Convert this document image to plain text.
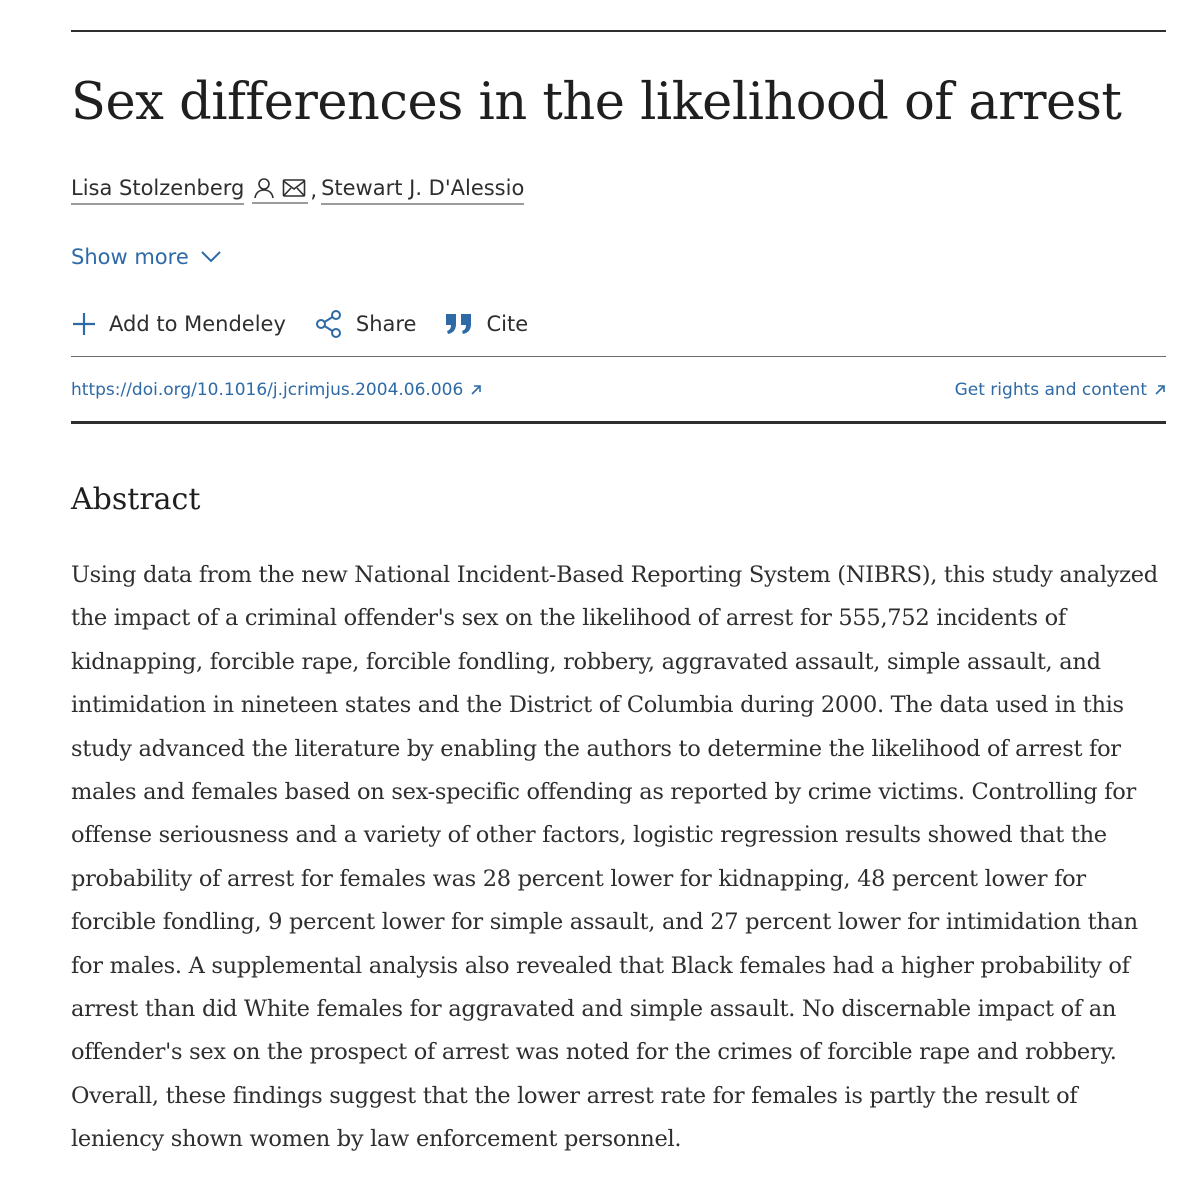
Sex differences in the likelihood of arrest
Lisa Stolzenberg	, Stewart J. D'Alessio
Show more
Add to Mendeley	Share	Cite
https://doi.org/10.1016/j.jcrimjus.2004.06.006	Get rights and content
Abstract

Using data from the new National Incident-Based Reporting System (NIBRS), this study analyzed the impact of a criminal offender's sex on the likelihood of arrest for 555,752 incidents of kidnapping, forcible rape, forcible fondling, robbery, aggravated assault, simple assault, and intimidation in nineteen states and the District of Columbia during 2000. The data used in this study advanced the literature by enabling the authors to determine the likelihood of arrest for males and females based on sex-specific offending as reported by crime victims. Controlling for offense seriousness and a variety of other factors, logistic regression results showed that the probability of arrest for females was 28 percent lower for kidnapping, 48 percent lower for forcible fondling, 9 percent lower for simple assault, and 27 percent lower for intimidation than for males. A supplemental analysis also revealed that Black females had a higher probability of arrest than did White females for aggravated and simple assault. No discernable impact of an offender's sex on the prospect of arrest was noted for the crimes of forcible rape and robbery. Overall, these findings suggest that the lower arrest rate for females is partly the result of leniency shown women by law enforcement personnel.
